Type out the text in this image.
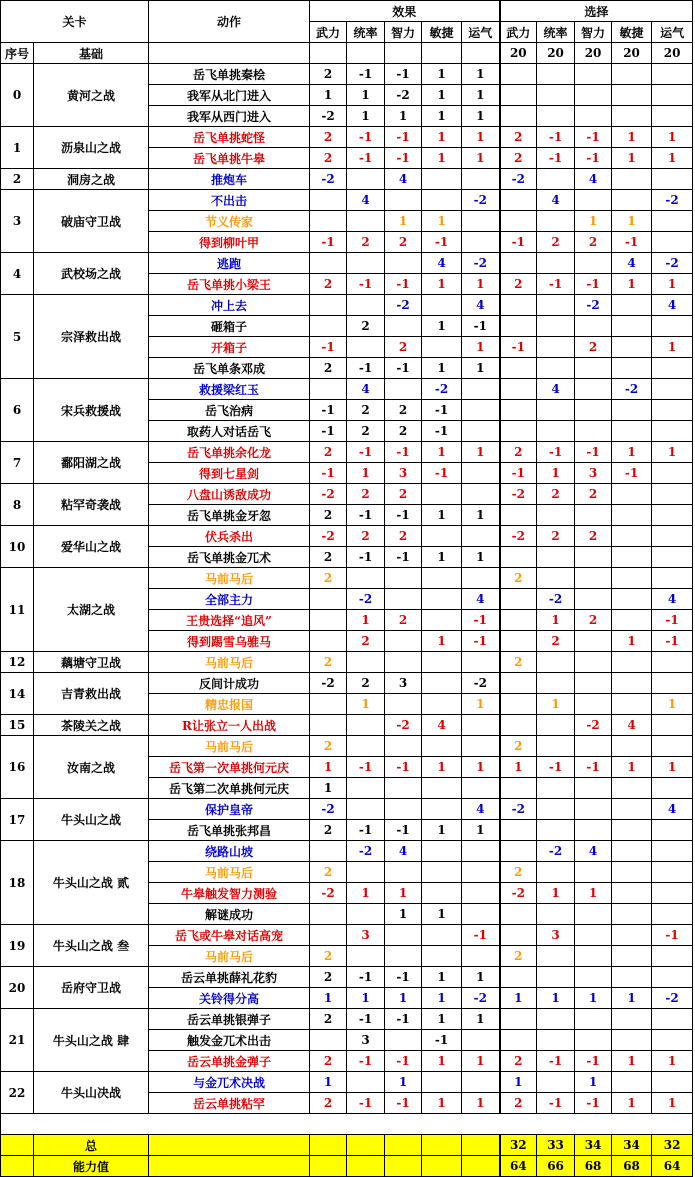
关卡		动作	效果					选择				
			武力	统率	智力	敏捷	运气	武力	统率	智力	敏捷	运气
序号	基础							20	20	20	20	20
0	黄河之战	岳飞单挑秦桧	2	-1	-1	1	1					
		我军从北门进入	1	1	-2	1	1					
		我军从西门进入	-2	1	1	1	1					
1	沥泉山之战	岳飞单挑蛇怪	2	-1	-1	1	1	2	-1	-1	1	1
		岳飞单挑牛皋	2	-1	-1	1	1	2	-1	-1	1	1
2	洞房之战	推炮车	-2		4			-2		4		
3	破庙守卫战	不出击		4			-2		4			-2
		节义传家			1	1				1	1	
		得到柳叶甲	-1	2	2	-1		-1	2	2	-1	
4	武校场之战	逃跑				4	-2				4	-2
		岳飞单挑小梁王	2	-1	-1	1	1	2	-1	-1	1	1
5	宗泽救出战	冲上去			-2		4			-2		4
		砸箱子		2		1	-1					
		开箱子	-1		2		1	-1		2		1
		岳飞单条邓成	2	-1	-1	1	1					
6	宋兵救援战	救援梁红玉		4		-2			4		-2	
		岳飞治病	-1	2	2	-1						
		取药人对话岳飞	-1	2	2	-1						
7	鄱阳湖之战	岳飞单挑余化龙	2	-1	-1	1	1	2	-1	-1	1	1
		得到七星剑	-1	1	3	-1		-1	1	3	-1	
8	粘罕奇袭战	八盘山诱敌成功	-2	2	2			-2	2	2		
		岳飞单挑金牙忽	2	-1	-1	1	1					
10	爱华山之战	伏兵杀出	-2	2	2			-2	2	2		
		岳飞单挑金兀术	2	-1	-1	1	1					
11	太湖之战	马前马后	2					2				
		全部主力		-2			4		-2			4
		王贵选择“追风”		1	2		-1		1	2		-1
		得到踢雪乌骓马		2		1	-1		2		1	-1
12	藕塘守卫战	马前马后	2					2				
14	吉青救出战	反间计成功	-2	2	3		-2					
		精忠报国		1			1		1			1
15	茶陵关之战	R让张立一人出战			-2	4				-2	4	
16	汝南之战	马前马后	2					2				
		岳飞第一次单挑何元庆	1	-1	-1	1	1	1	-1	-1	1	1
		岳飞第二次单挑何元庆	1									
17	牛头山之战	保护皇帝	-2				4	-2				4
		岳飞单挑张邦昌	2	-1	-1	1	1					
18	牛头山之战 贰	绕路山坡		-2	4				-2	4		
		马前马后	2					2				
		牛皋触发智力测验	-2	1	1			-2	1	1		
		解谜成功			1	1						
19	牛头山之战 叁	岳飞或牛皋对话高宠		3			-1		3			-1
		马前马后	2					2				
20	岳府守卫战	岳云单挑薛礼花豹	2	-1	-1	1	1					
		关铃得分高	1	1	1	1	-2	1	1	1	1	-2
21	牛头山之战 肆	岳云单挑银弹子	2	-1	-1	1	1					
		触发金兀术出击		3		-1						
		岳云单挑金弹子	2	-1	-1	1	1	2	-1	-1	1	1
22	牛头山决战	与金兀术决战	1		1			1		1		
		岳云单挑粘罕	2	-1	-1	1	1	2	-1	-1	1	1

	总							32	33	34	34	32
	能力值							64	66	68	68	64
